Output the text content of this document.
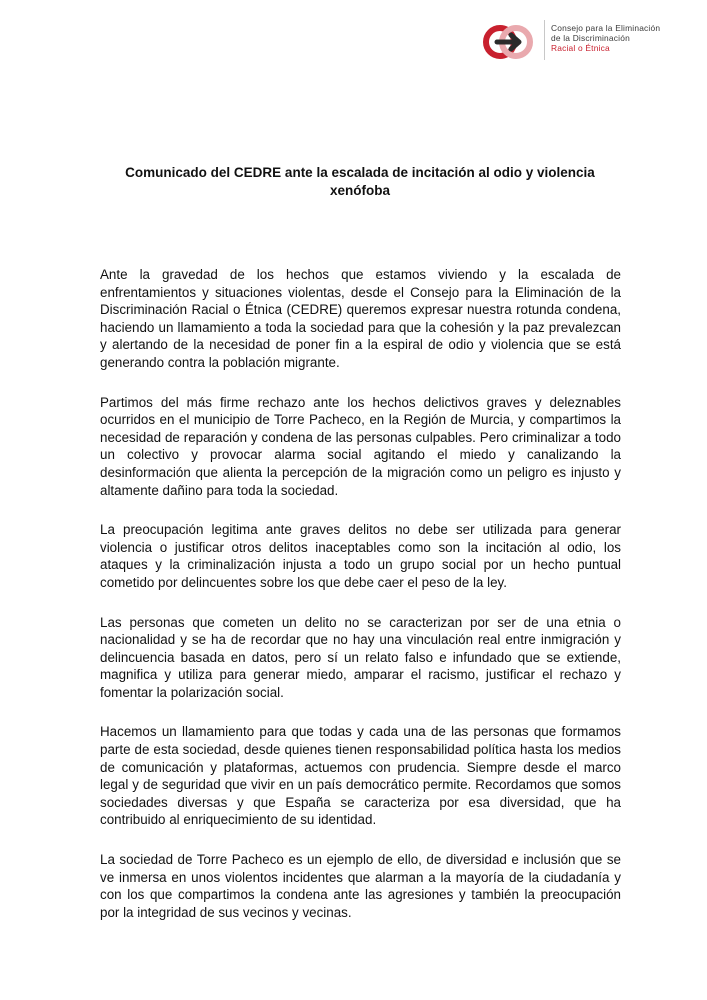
Consejo para la Eliminación
de la Discriminación
Racial o Étnica
Comunicado del CEDRE ante la escalada de incitación al odio y violencia xenófoba

Ante la gravedad de los hechos que estamos viviendo y la escalada de enfrentamientos y situaciones violentas, desde el Consejo para la Eliminación de la Discriminación Racial o Étnica (CEDRE) queremos expresar nuestra rotunda condena, haciendo un llamamiento a toda la sociedad para que la cohesión y la paz prevalezcan y alertando de la necesidad de poner fin a la espiral de odio y violencia que se está generando contra la población migrante.

Partimos del más firme rechazo ante los hechos delictivos graves y deleznables ocurridos en el municipio de Torre Pacheco, en la Región de Murcia, y compartimos la necesidad de reparación y condena de las personas culpables. Pero criminalizar a todo un colectivo y provocar alarma social agitando el miedo y canalizando la desinformación que alienta la percepción de la migración como un peligro es injusto y altamente dañino para toda la sociedad.

La preocupación legitima ante graves delitos no debe ser utilizada para generar violencia o justificar otros delitos inaceptables como son la incitación al odio, los ataques y la criminalización injusta a todo un grupo social por un hecho puntual cometido por delincuentes sobre los que debe caer el peso de la ley.

Las personas que cometen un delito no se caracterizan por ser de una etnia o nacionalidad y se ha de recordar que no hay una vinculación real entre inmigración y delincuencia basada en datos, pero sí un relato falso e infundado que se extiende, magnifica y utiliza para generar miedo, amparar el racismo, justificar el rechazo y fomentar la polarización social.

Hacemos un llamamiento para que todas y cada una de las personas que formamos parte de esta sociedad, desde quienes tienen responsabilidad política hasta los medios de comunicación y plataformas, actuemos con prudencia. Siempre desde el marco legal y de seguridad que vivir en un país democrático permite. Recordamos que somos sociedades diversas y que España se caracteriza por esa diversidad, que ha contribuido al enriquecimiento de su identidad.

La sociedad de Torre Pacheco es un ejemplo de ello, de diversidad e inclusión que se ve inmersa en unos violentos incidentes que alarman a la mayoría de la ciudadanía y con los que compartimos la condena ante las agresiones y también la preocupación por la integridad de sus vecinos y vecinas.
